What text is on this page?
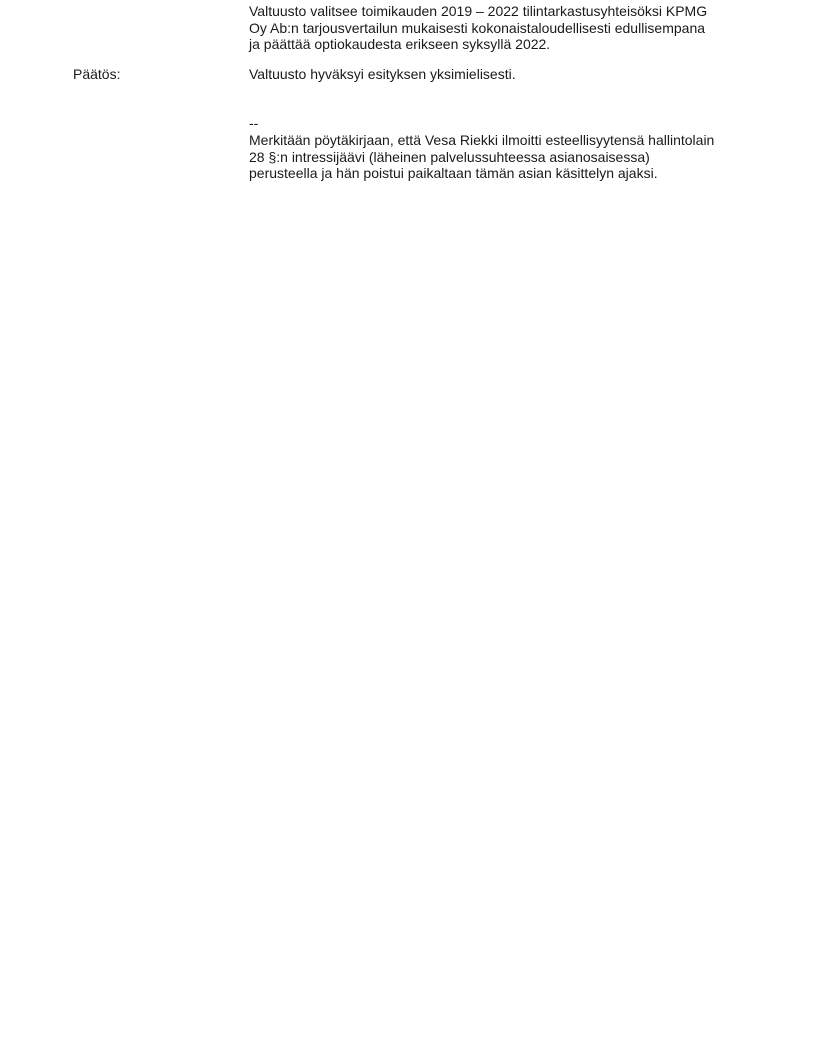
Valtuusto valitsee toimikauden 2019 – 2022 tilintarkastusyhteisöksi KPMG
Oy Ab:n tarjousvertailun mukaisesti kokonaistaloudellisesti edullisempana
ja päättää optiokaudesta erikseen syksyllä 2022.
Päätös:	Valtuusto hyväksyi esityksen yksimielisesti.
--
Merkitään pöytäkirjaan, että Vesa Riekki ilmoitti esteellisyytensä hallintolain
28 §:n intressijäävi (läheinen palvelussuhteessa asianosaisessa)
perusteella ja hän poistui paikaltaan tämän asian käsittelyn ajaksi.
